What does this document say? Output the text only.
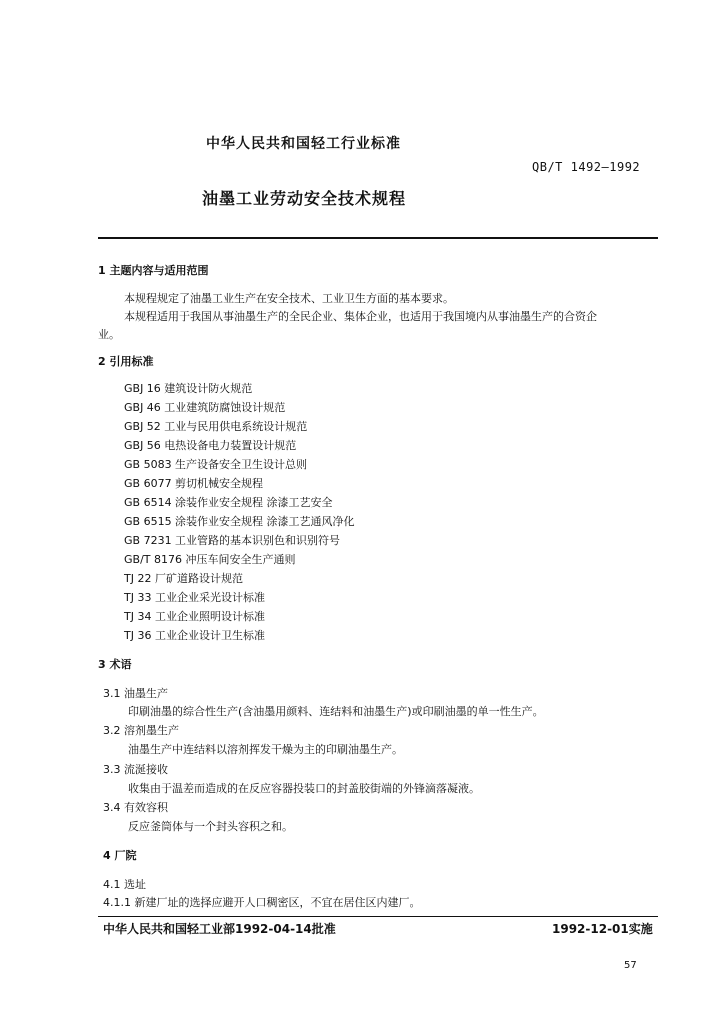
中华人民共和国轻工行业标准
QB/T 1492—1992
油墨工业劳动安全技术规程
1 主题内容与适用范围
本规程规定了油墨工业生产在安全技术、工业卫生方面的基本要求。
本规程适用于我国从事油墨生产的全民企业、集体企业，也适用于我国境内从事油墨生产的合资企
业。
2 引用标准
GBJ 16 建筑设计防火规范
GBJ 46 工业建筑防腐蚀设计规范
GBJ 52 工业与民用供电系统设计规范
GBJ 56 电热设备电力装置设计规范
GB 5083 生产设备安全卫生设计总则
GB 6077 剪切机械安全规程
GB 6514 涂装作业安全规程 涂漆工艺安全
GB 6515 涂装作业安全规程 涂漆工艺通风净化
GB 7231 工业管路的基本识别色和识别符号
GB/T 8176 冲压车间安全生产通则
TJ 22 厂矿道路设计规范
TJ 33 工业企业采光设计标准
TJ 34 工业企业照明设计标准
TJ 36 工业企业设计卫生标准
3 术语
3.1 油墨生产
印刷油墨的综合性生产(含油墨用颜料、连结料和油墨生产)或印刷油墨的单一性生产。
3.2 溶剂墨生产
油墨生产中连结料以溶剂挥发干燥为主的印刷油墨生产。
3.3 流涎接收
收集由于温差而造成的在反应容器投装口的封盖胶街端的外锋滴落凝液。
3.4 有效容积
反应釜筒体与一个封头容积之和。
4 厂院
4.1 选址
4.1.1 新建厂址的选择应避开人口稠密区，不宜在居住区内建厂。
中华人民共和国轻工业部1992-04-14批准	1992-12-01实施
57
